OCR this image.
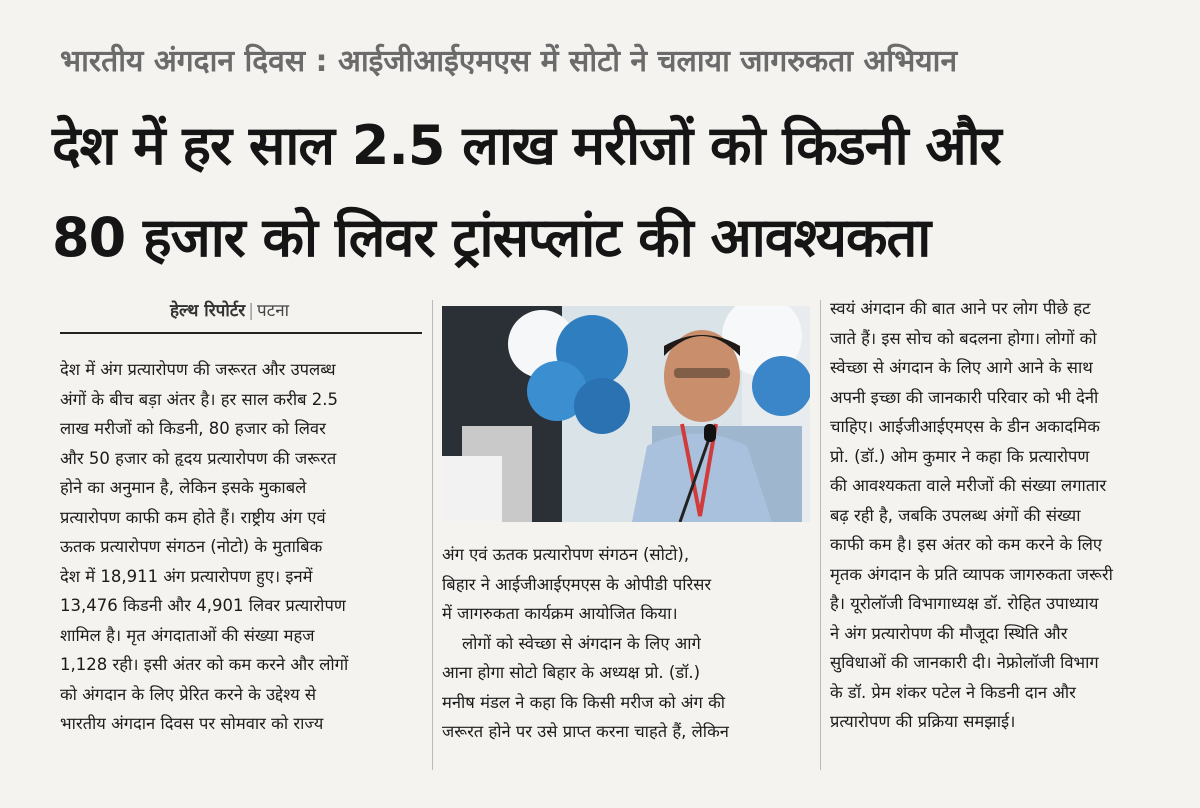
भारतीय अंगदान दिवस : आईजीआईएमएस में सोटो ने चलाया जागरुकता अभियान
देश में हर साल 2.5 लाख मरीजों को किडनी और
80 हजार को लिवर ट्रांसप्लांट की आवश्यकता
हेल्थ रिपोर्टर | पटना
देश में अंग प्रत्यारोपण की जरूरत और उपलब्ध
अंगों के बीच बड़ा अंतर है। हर साल करीब 2.5
लाख मरीजों को किडनी, 80 हजार को लिवर
और 50 हजार को हृदय प्रत्यारोपण की जरूरत
होने का अनुमान है, लेकिन इसके मुकाबले
प्रत्यारोपण काफी कम होते हैं। राष्ट्रीय अंग एवं
ऊतक प्रत्यारोपण संगठन (नोटो) के मुताबिक
देश में 18,911 अंग प्रत्यारोपण हुए। इनमें
13,476 किडनी और 4,901 लिवर प्रत्यारोपण
शामिल है। मृत अंगदाताओं की संख्या महज
1,128 रही। इसी अंतर को कम करने और लोगों
को अंगदान के लिए प्रेरित करने के उद्देश्य से
भारतीय अंगदान दिवस पर सोमवार को राज्य
अंग एवं ऊतक प्रत्यारोपण संगठन (सोटो),
बिहार ने आईजीआईएमएस के ओपीडी परिसर
में जागरुकता कार्यक्रम आयोजित किया।
लोगों को स्वेच्छा से अंगदान के लिए आगे
आना होगा सोटो बिहार के अध्यक्ष प्रो. (डॉ.)
मनीष मंडल ने कहा कि किसी मरीज को अंग की
जरूरत होने पर उसे प्राप्त करना चाहते हैं, लेकिन
स्वयं अंगदान की बात आने पर लोग पीछे हट
जाते हैं। इस सोच को बदलना होगा। लोगों को
स्वेच्छा से अंगदान के लिए आगे आने के साथ
अपनी इच्छा की जानकारी परिवार को भी देनी
चाहिए। आईजीआईएमएस के डीन अकादमिक
प्रो. (डॉ.) ओम कुमार ने कहा कि प्रत्यारोपण
की आवश्यकता वाले मरीजों की संख्या लगातार
बढ़ रही है, जबकि उपलब्ध अंगों की संख्या
काफी कम है। इस अंतर को कम करने के लिए
मृतक अंगदान के प्रति व्यापक जागरुकता जरूरी
है। यूरोलॉजी विभागाध्यक्ष डॉ. रोहित उपाध्याय
ने अंग प्रत्यारोपण की मौजूदा स्थिति और
सुविधाओं की जानकारी दी। नेफ्रोलॉजी विभाग
के डॉ. प्रेम शंकर पटेल ने किडनी दान और
प्रत्यारोपण की प्रक्रिया समझाई।
